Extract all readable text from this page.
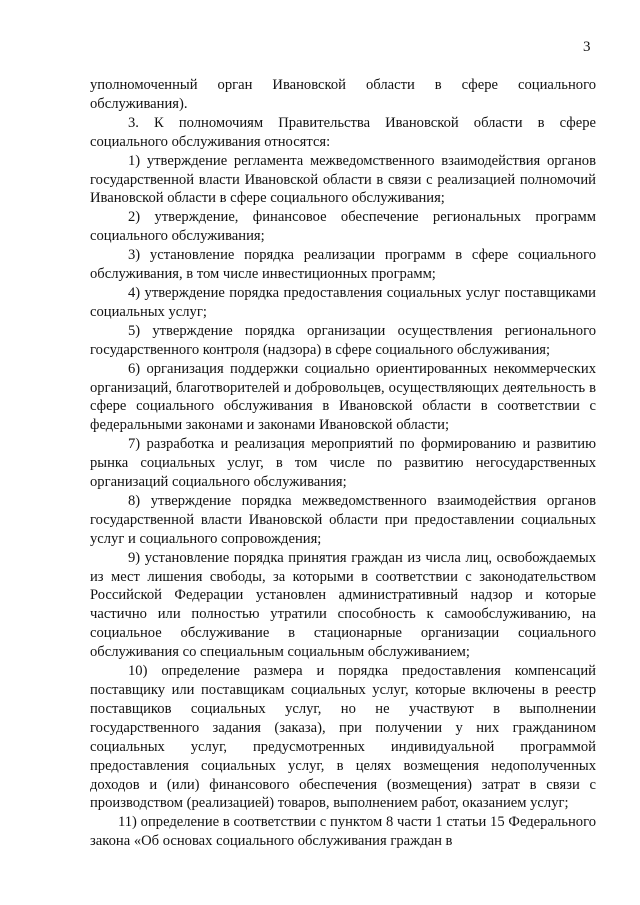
3

уполномоченный орган Ивановской области в сфере социального обслуживания).

3. К полномочиям Правительства Ивановской области в сфере социального обслуживания относятся:

1) утверждение регламента межведомственного взаимодействия органов государственной власти Ивановской области в связи с реализацией полномочий Ивановской области в сфере социального обслуживания;

2) утверждение, финансовое обеспечение региональных программ социального обслуживания;

3) установление порядка реализации программ в сфере социального обслуживания, в том числе инвестиционных программ;

4) утверждение порядка предоставления социальных услуг поставщиками социальных услуг;

5) утверждение порядка организации осуществления регионального государственного контроля (надзора) в сфере социального обслуживания;

6) организация поддержки социально ориентированных некоммерческих организаций, благотворителей и добровольцев, осуществляющих деятельность в сфере социального обслуживания в Ивановской области в соответствии с федеральными законами и законами Ивановской области;

7) разработка и реализация мероприятий по формированию и развитию рынка социальных услуг, в том числе по развитию негосударственных организаций социального обслуживания;

8) утверждение порядка межведомственного взаимодействия органов государственной власти Ивановской области при предоставлении социальных услуг и социального сопровождения;

9) установление порядка принятия граждан из числа лиц, освобождаемых из мест лишения свободы, за которыми в соответствии с законодательством Российской Федерации установлен административный надзор и которые частично или полностью утратили способность к самообслуживанию, на социальное обслуживание в стационарные организации социального обслуживания со специальным социальным обслуживанием;

10) определение размера и порядка предоставления компенсаций поставщику или поставщикам социальных услуг, которые включены в реестр поставщиков социальных услуг, но не участвуют в выполнении государственного задания (заказа), при получении у них гражданином социальных услуг, предусмотренных индивидуальной программой предоставления социальных услуг, в целях возмещения недополученных доходов и (или) финансового обеспечения (возмещения) затрат в связи с производством (реализацией) товаров, выполнением работ, оказанием услуг;

11) определение в соответствии с пунктом 8 части 1 статьи 15 Федерального закона «Об основах социального обслуживания граждан в
